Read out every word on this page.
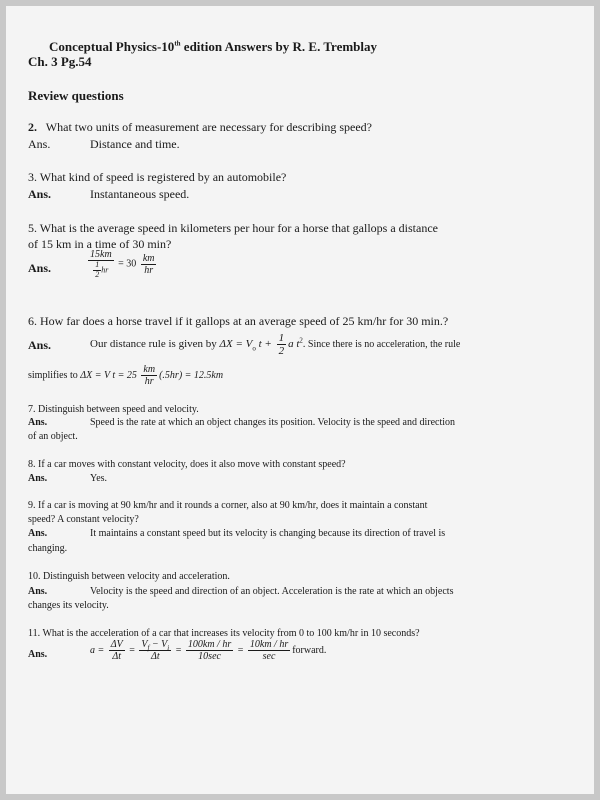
Conceptual Physics-10th edition Answers by R. E. Tremblay
Ch. 3 Pg.54
Review questions
2. What two units of measurement are necessary for describing speed?
Ans.	Distance and time.
3. What kind of speed is registered by an automobile?
Ans.	Instantaneous speed.
5. What is the average speed in kilometers per hour for a horse that gallops a distance
of 15 km in a time of 30 min?
Ans.	$\frac{15km}{\frac{1}{2} hr} = 30 \frac{km}{hr}$
6. How far does a horse travel if it gallops at an average speed of 25 km/hr for 30 min.?
Ans.	Our distance rule is given by $\Delta X = V_o$ $t + \frac{1}{2}$ a $t^2$. Since there is no acceleration, the rule
simplifies to ΔX = V $t = 25 \frac{km}{hr} (.5hr) = 12.5km$
7. Distinguish between speed and velocity.
Ans.	Speed is the rate at which an object changes its position. Velocity is the speed and direction
of an object.
8. If a car moves with constant velocity, does it also move with constant speed?
Ans.	Yes.
9. If a car is moving at 90 km/hr and it rounds a corner, also at 90 km/hr, does it maintain a constant
speed? A constant velocity?
Ans.	It maintains a constant speed but its velocity is changing because its direction of travel is
changing.
10. Distinguish between velocity and acceleration.
Ans.	Velocity is the speed and direction of an object. Acceleration is the rate at which an objects
changes its velocity.
11. What is the acceleration of a car that increases its velocity from 0 to 100 km/hr in 10 seconds?
Ans.	$a = \frac{\Delta V}{\Delta t} = \frac{V_f - V_i}{\Delta t} = \frac{100km / hr}{10\sec} = \frac{10km / hr}{\sec}$ forward.
